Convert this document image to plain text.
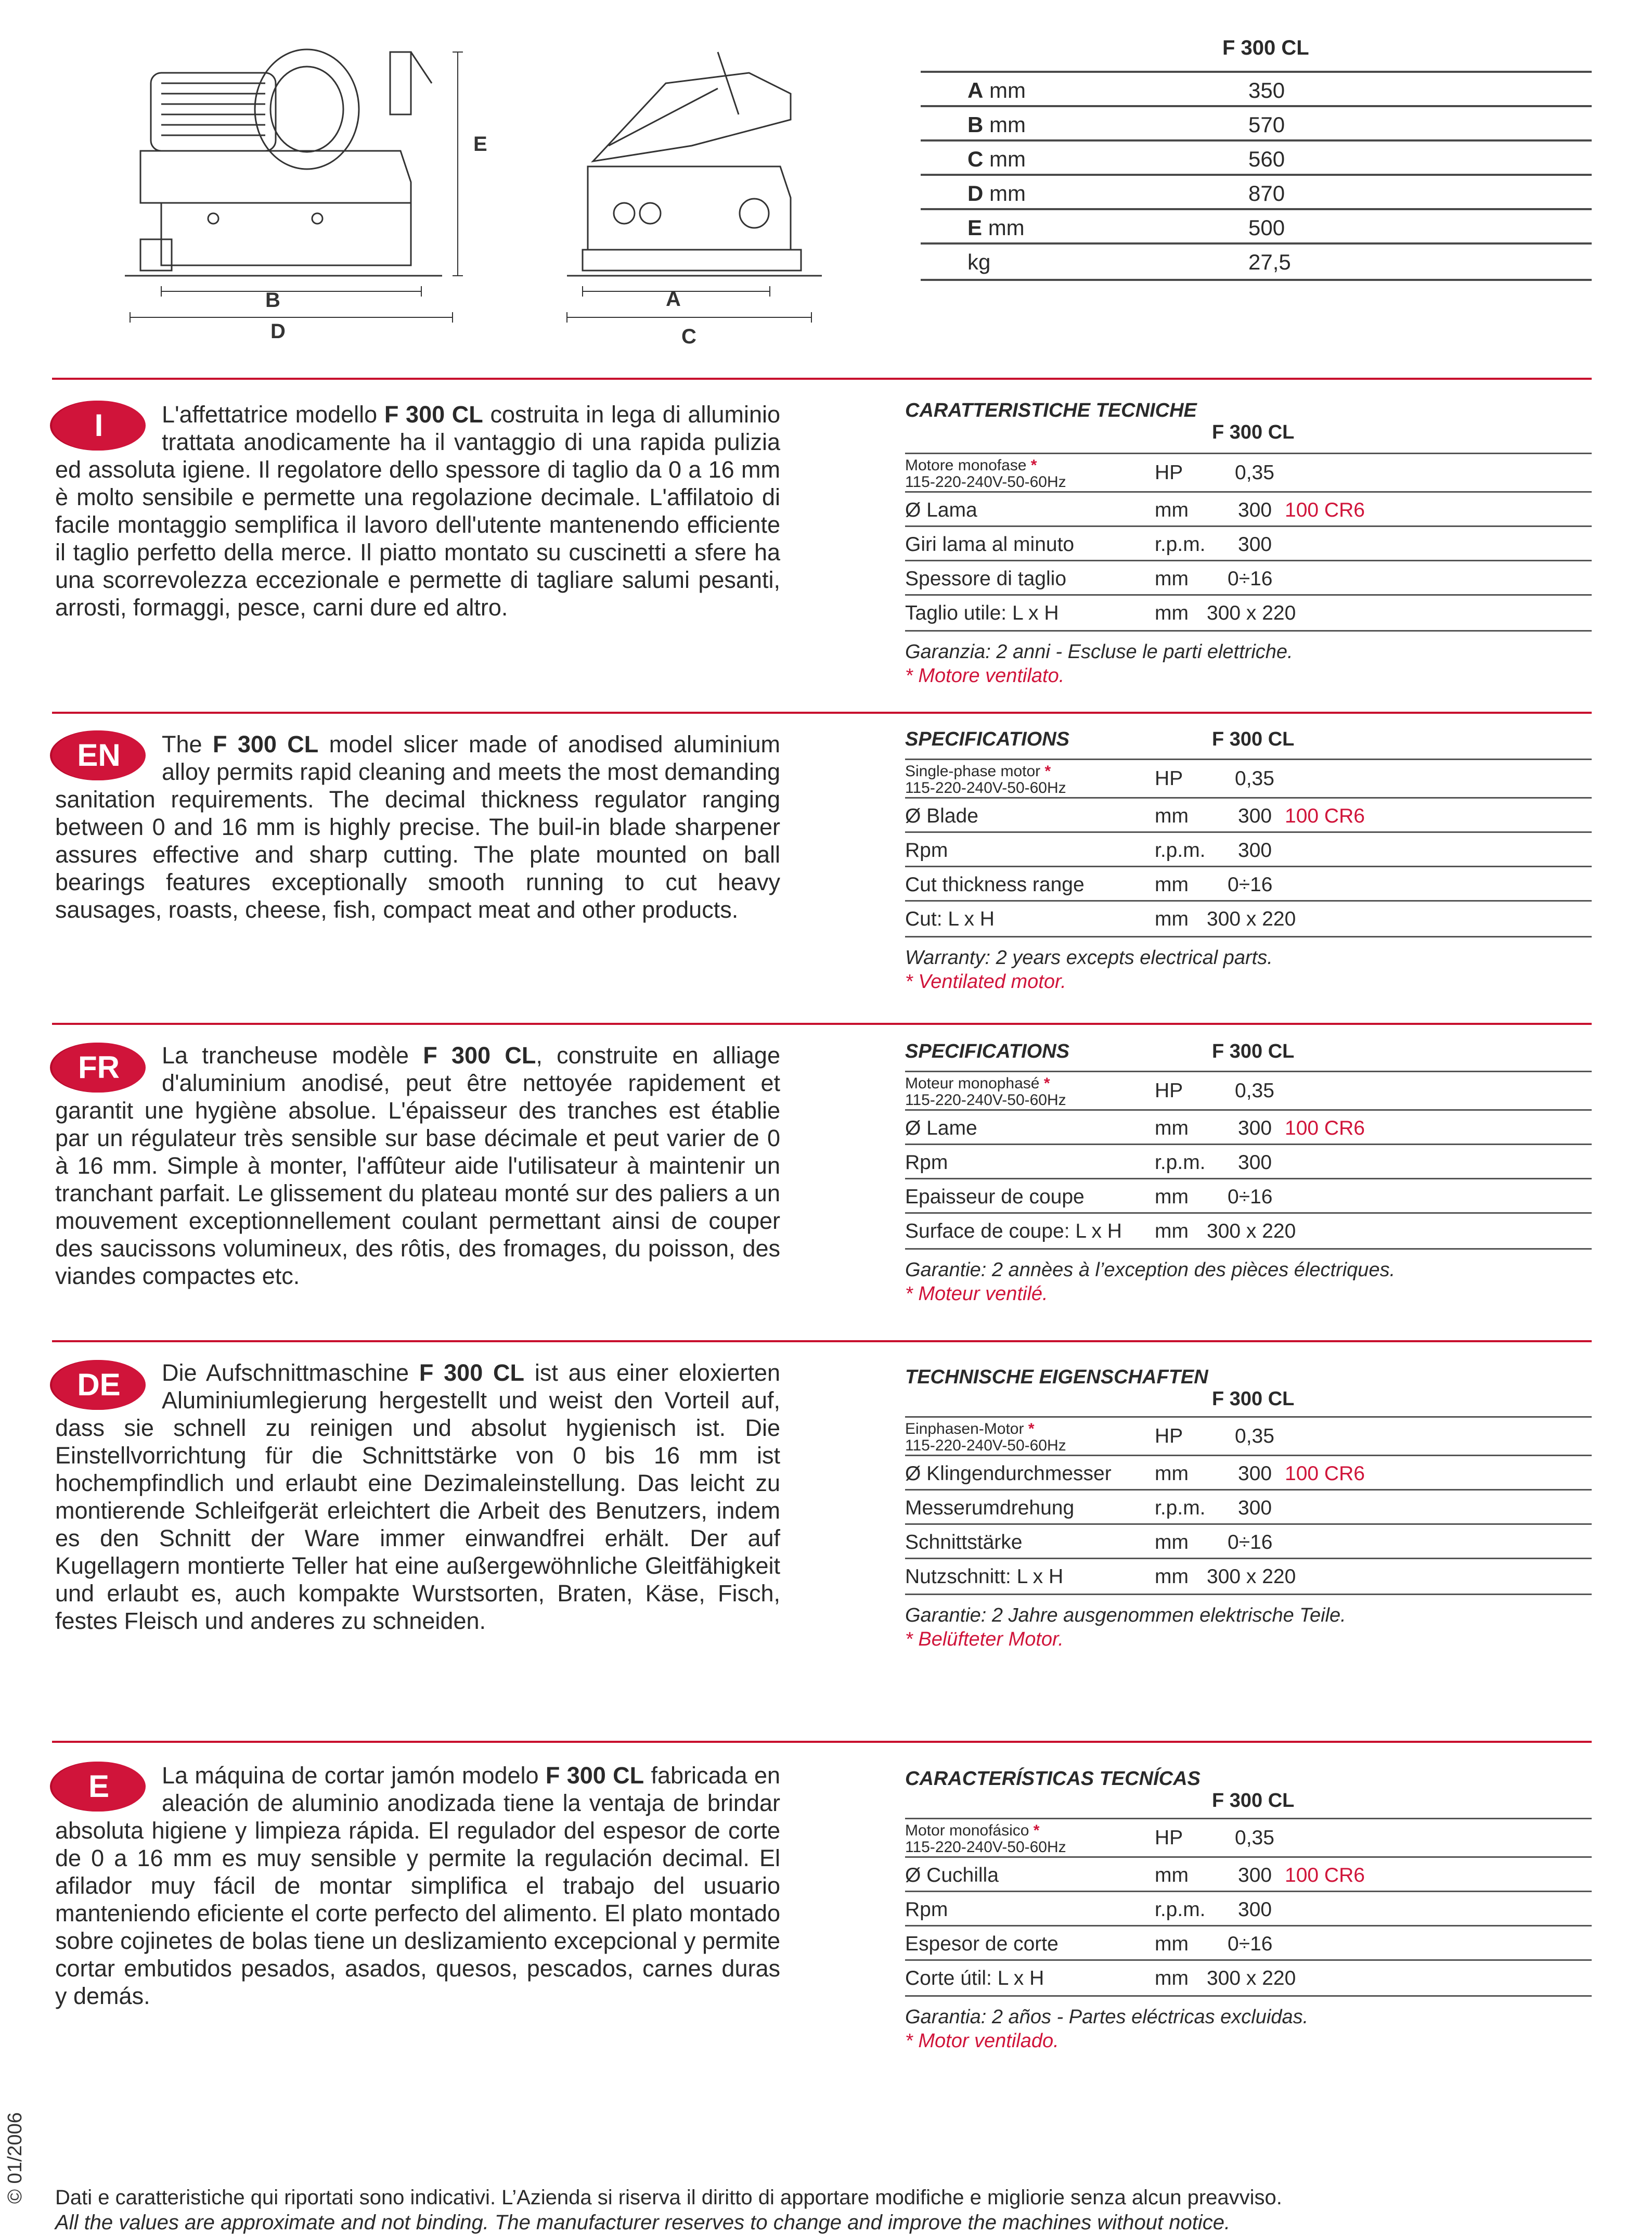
B
D
E
A
C
F 300 CL
A mm	350
B mm	570
C mm	560
D mm	870
E mm	500
kg	27,5
I	L'affettatrice modello F 300 CL costruita in lega di alluminio trattata anodicamente ha il vantaggio di una rapida pulizia ed assoluta igiene. Il regolatore dello spessore di taglio da 0 a 16 mm è molto sensibile e permette una regolazione decimale. L'affilatoio di facile montaggio semplifica il lavoro dell'utente mantenendo efficiente il taglio perfetto della merce. Il piatto montato su cuscinetti a sfere ha una scorrevolezza eccezionale e permette di tagliare salumi pesanti, arrosti, formaggi, pesce, carni dure ed altro.
CARATTERISTICHE TECNICHE
F 300 CL
Motore monofase *
115-220-240V-50-60Hz	HP	0,35
Ø Lama	mm 300 100 CR6
Giri lama al minuto	r.p.m. 300
Spessore di taglio	mm 0÷16
Taglio utile: L x H	mm 300 x 220
Garanzia: 2 anni - Escluse le parti elettriche.
* Motore ventilato.
EN	The F 300 CL model slicer made of anodised aluminium alloy permits rapid cleaning and meets the most demanding sanitation requirements. The decimal thickness regulator ranging between 0 and 16 mm is highly precise. The buil-in blade sharpener assures effective and sharp cutting. The plate mounted on ball bearings features exceptionally smooth running to cut heavy sausages, roasts, cheese, fish, compact meat and other products.
SPECIFICATIONS	F 300 CL
Single-phase motor *
115-220-240V-50-60Hz	HP	0,35
Ø Blade	mm 300 100 CR6
Rpm	r.p.m. 300
Cut thickness range	mm 0÷16
Cut: L x H	mm 300 x 220
Warranty: 2 years excepts electrical parts.
* Ventilated motor.
FR	La trancheuse modèle F 300 CL, construite en alliage d'aluminium anodisé, peut être nettoyée rapidement et garantit une hygiène absolue. L'épaisseur des tranches est établie par un régulateur très sensible sur base décimale et peut varier de 0 à 16 mm. Simple à monter, l'affûteur aide l'utilisateur à maintenir un tranchant parfait. Le glissement du plateau monté sur des paliers a un mouvement exceptionnellement coulant permettant ainsi de couper des saucissons volumineux, des rôtis, des fromages, du poisson, des viandes compactes etc.
SPECIFICATIONS	F 300 CL
Moteur monophasé *
115-220-240V-50-60Hz	HP	0,35
Ø Lame	mm 300 100 CR6
Rpm	r.p.m. 300
Epaisseur de coupe	mm 0÷16
Surface de coupe: L x H mm 300 x 220
Garantie: 2 annèes à l’exception des pièces électriques.
* Moteur ventilé.
DE	Die Aufschnittmaschine F 300 CL ist aus einer eloxierten Aluminiumlegierung hergestellt und weist den Vorteil auf, dass sie schnell zu reinigen und absolut hygienisch ist. Die Einstellvorrichtung für die Schnittstärke von 0 bis 16 mm ist hochempfindlich und erlaubt eine Dezimaleinstellung. Das leicht zu montierende Schleifgerät erleichtert die Arbeit des Benutzers, indem es den Schnitt der Ware immer einwandfrei erhält. Der auf Kugellagern montierte Teller hat eine außergewöhnliche Gleitfähigkeit und erlaubt es, auch kompakte Wurstsorten, Braten, Käse, Fisch, festes Fleisch und anderes zu schneiden.
TECHNISCHE EIGENSCHAFTEN
F 300 CL
Einphasen-Motor *
115-220-240V-50-60Hz	HP	0,35
Ø Klingendurchmesser mm 300 100 CR6
Messerumdrehung	r.p.m. 300
Schnittstärke	mm 0÷16
Nutzschnitt: L x H	mm 300 x 220
Garantie: 2 Jahre ausgenommen elektrische Teile.
* Belüfteter Motor.
E	La máquina de cortar jamón modelo F 300 CL fabricada en aleación de aluminio anodizada tiene la ventaja de brindar absoluta higiene y limpieza rápida. El regulador del espesor de corte de 0 a 16 mm es muy sensible y permite la regulación decimal. El afilador muy fácil de montar simplifica el trabajo del usuario manteniendo eficiente el corte perfecto del alimento. El plato montado sobre cojinetes de bolas tiene un deslizamiento excepcional y permite cortar embutidos pesados, asados, quesos, pescados, carnes duras y demás.
CARACTERÍSTICAS TECNÍCAS
F 300 CL
Motor monofásico *
115-220-240V-50-60Hz	HP	0,35
Ø Cuchilla	mm 300 100 CR6
Rpm	r.p.m. 300
Espesor de corte	mm 0÷16
Corte útil: L x H	mm 300 x 220
Garantia: 2 años - Partes eléctricas excluidas.
* Motor ventilado.
© 01/2006 Dati e caratteristiche qui riportati sono indicativi. L’Azienda si riserva il diritto di apportare modifiche e migliorie senza alcun preavviso.
All the values are approximate and not binding. The manufacturer reserves to change and improve the machines without notice.
